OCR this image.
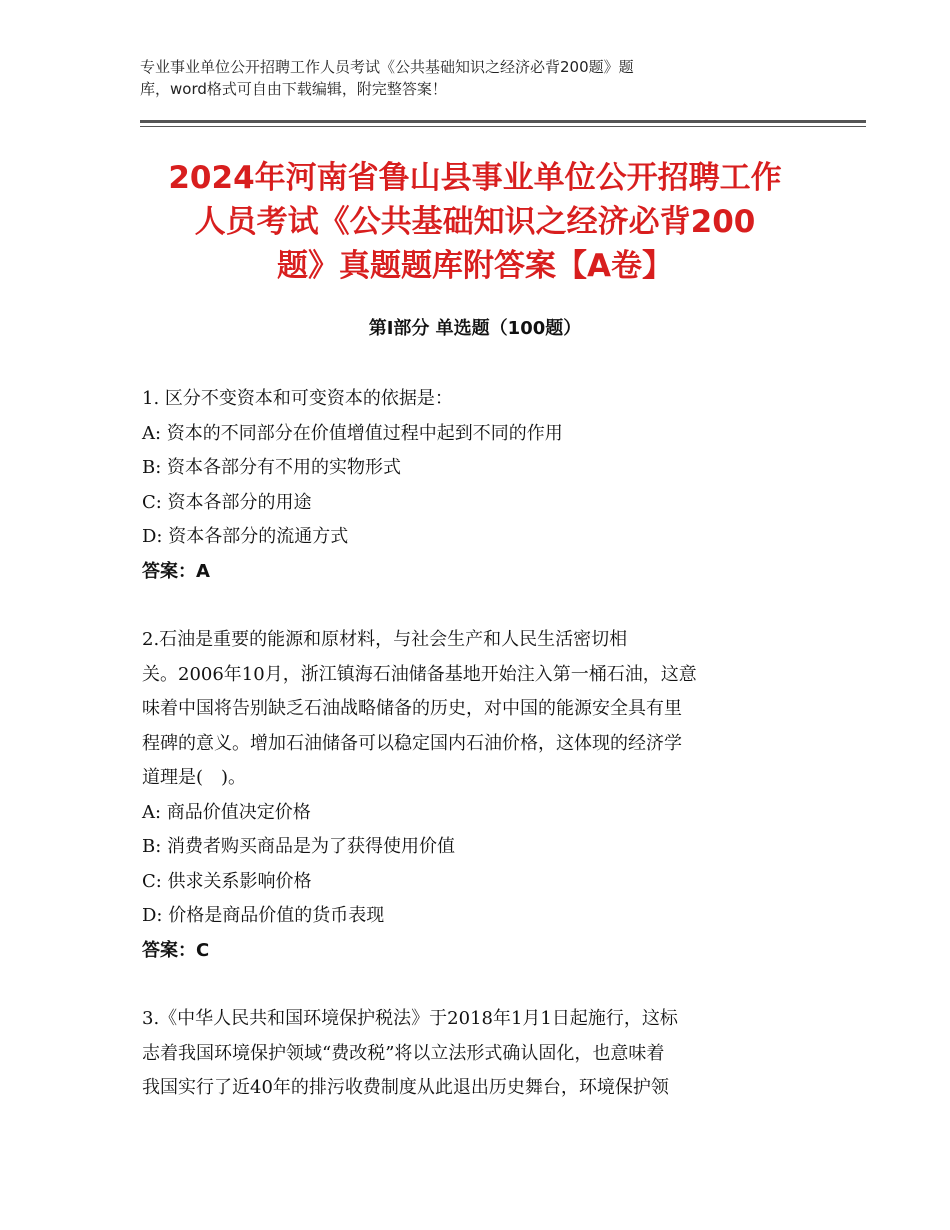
专业事业单位公开招聘工作人员考试《公共基础知识之经济必背200题》题
库，word格式可自由下载编辑，附完整答案！
2024年河南省鲁山县事业单位公开招聘工作
人员考试《公共基础知识之经济必背200
题》真题题库附答案【A卷】
第Ⅰ部分 单选题（100题）
1. 区分不变资本和可变资本的依据是：
A: 资本的不同部分在价值增值过程中起到不同的作用
B: 资本各部分有不用的实物形式
C: 资本各部分的用途
D: 资本各部分的流通方式
答案：A
2.石油是重要的能源和原材料，与社会生产和人民生活密切相
关。2006年10月，浙江镇海石油储备基地开始注入第一桶石油，这意
味着中国将告别缺乏石油战略储备的历史，对中国的能源安全具有里
程碑的意义。增加石油储备可以稳定国内石油价格，这体现的经济学
道理是(　)。
A: 商品价值决定价格
B: 消费者购买商品是为了获得使用价值
C: 供求关系影响价格
D: 价格是商品价值的货币表现
答案：C
3.《中华人民共和国环境保护税法》于2018年1月1日起施行，这标
志着我国环境保护领域“费改税”将以立法形式确认固化，也意味着
我国实行了近40年的排污收费制度从此退出历史舞台，环境保护领
